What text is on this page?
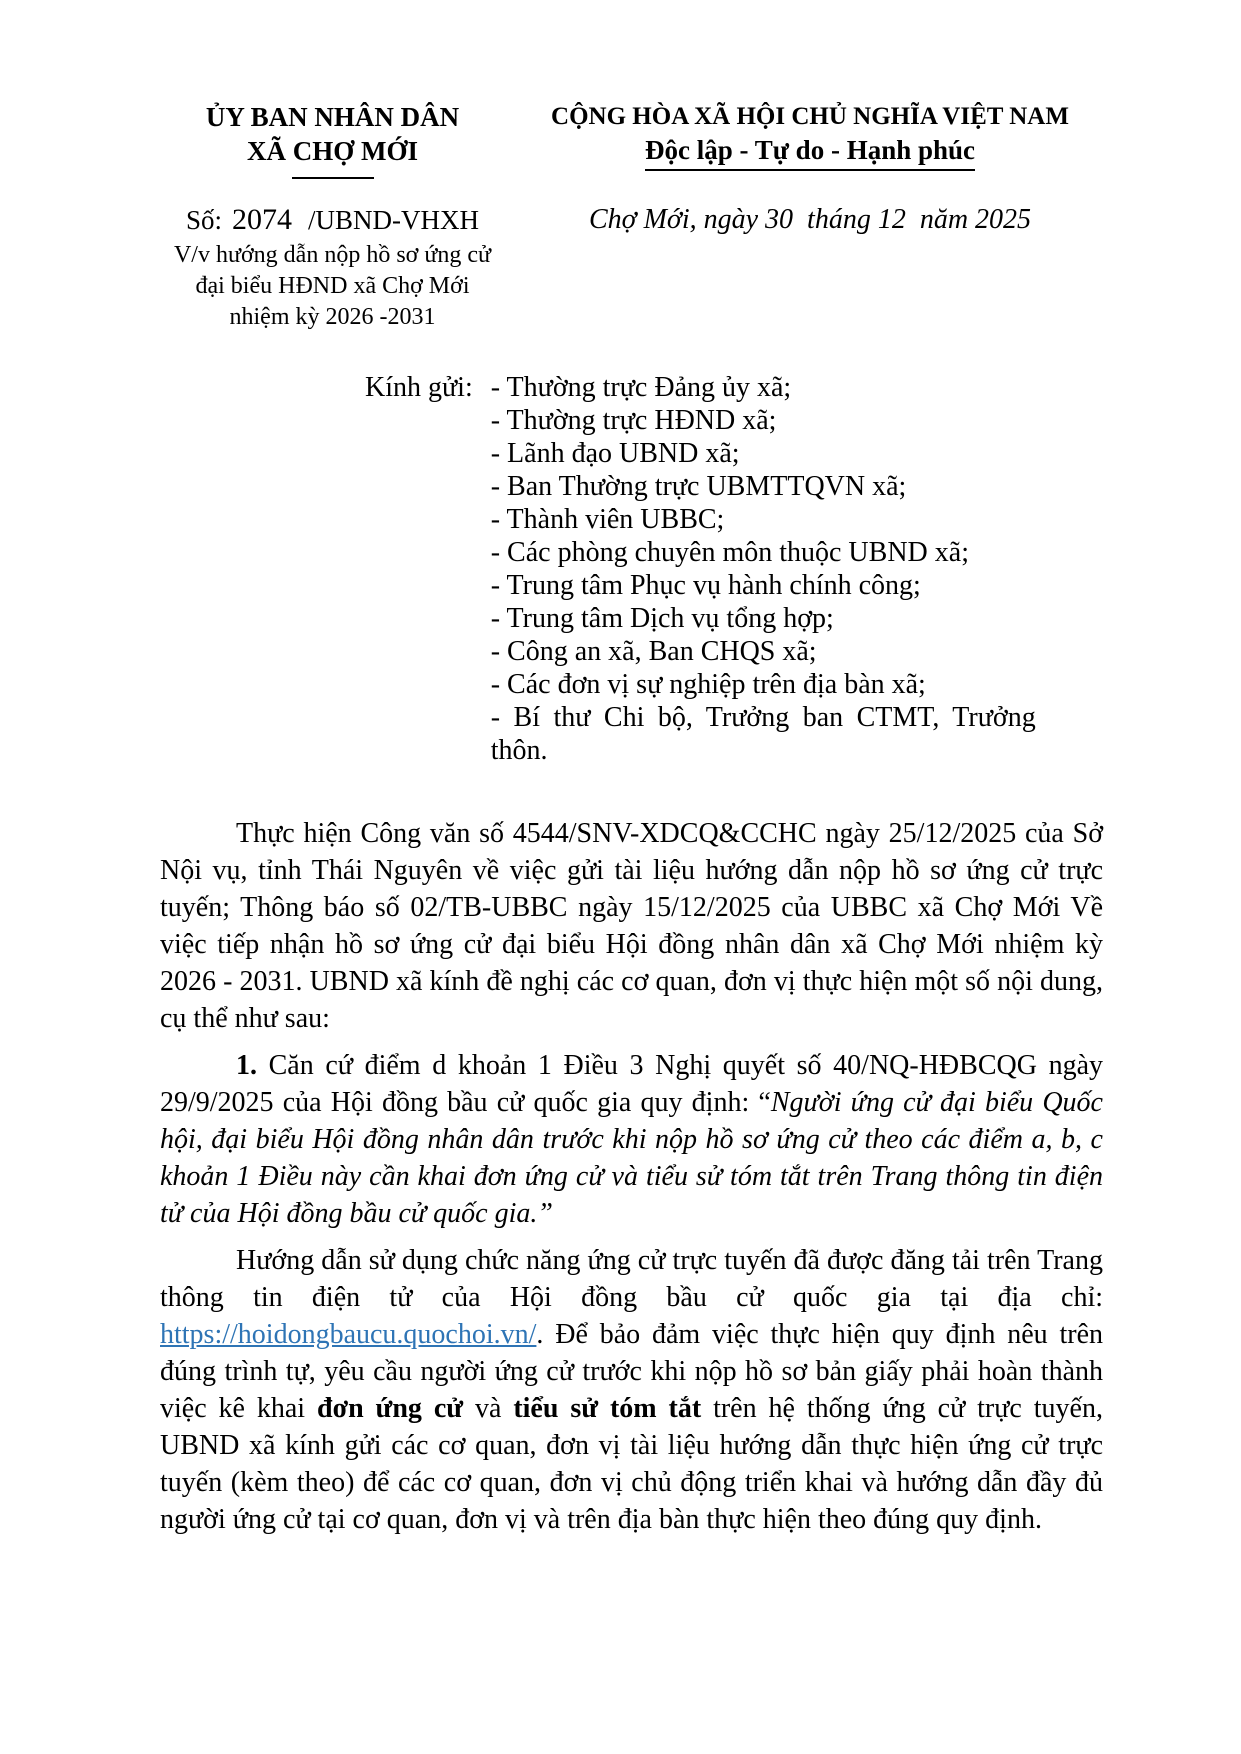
ỦY BAN NHÂN DÂN
XÃ CHỢ MỚI
Số: 2074 /UBND-VHXH
V/v hướng dẫn nộp hồ sơ ứng cử
đại biểu HĐND xã Chợ Mới
nhiệm kỳ 2026 -2031
CỘNG HÒA XÃ HỘI CHỦ NGHĨA VIỆT NAM
Độc lập - Tự do - Hạnh phúc
Chợ Mới, ngày 30  tháng 12  năm 2025
Kính gửi: - Thường trực Đảng ủy xã;
- Thường trực HĐND xã;
- Lãnh đạo UBND xã;
- Ban Thường trực UBMTTQVN xã;
- Thành viên UBBC;
- Các phòng chuyên môn thuộc UBND xã;
- Trung tâm Phục vụ hành chính công;
- Trung tâm Dịch vụ tổng hợp;
- Công an xã, Ban CHQS xã;
- Các đơn vị sự nghiệp trên địa bàn xã;
- Bí thư Chi bộ, Trưởng ban CTMT, Trưởng thôn.

Thực hiện Công văn số 4544/SNV-XDCQ&CCHC ngày 25/12/2025 của Sở Nội vụ, tỉnh Thái Nguyên về việc gửi tài liệu hướng dẫn nộp hồ sơ ứng cử trực tuyến; Thông báo số 02/TB-UBBC ngày 15/12/2025 của UBBC xã Chợ Mới Về việc tiếp nhận hồ sơ ứng cử đại biểu Hội đồng nhân dân xã Chợ Mới nhiệm kỳ 2026 - 2031. UBND xã kính đề nghị các cơ quan, đơn vị thực hiện một số nội dung, cụ thể như sau:

1. Căn cứ điểm d khoản 1 Điều 3 Nghị quyết số 40/NQ-HĐBCQG ngày 29/9/2025 của Hội đồng bầu cử quốc gia quy định: “Người ứng cử đại biểu Quốc hội, đại biểu Hội đồng nhân dân trước khi nộp hồ sơ ứng cử theo các điểm a, b, c khoản 1 Điều này cần khai đơn ứng cử và tiểu sử tóm tắt trên Trang thông tin điện tử của Hội đồng bầu cử quốc gia.”

Hướng dẫn sử dụng chức năng ứng cử trực tuyến đã được đăng tải trên Trang thông tin điện tử của Hội đồng bầu cử quốc gia tại địa chỉ: https://hoidongbaucu.quochoi.vn/. Để bảo đảm việc thực hiện quy định nêu trên đúng trình tự, yêu cầu người ứng cử trước khi nộp hồ sơ bản giấy phải hoàn thành việc kê khai đơn ứng cử và tiểu sử tóm tắt trên hệ thống ứng cử trực tuyến, UBND xã kính gửi các cơ quan, đơn vị tài liệu hướng dẫn thực hiện ứng cử trực tuyến (kèm theo) để các cơ quan, đơn vị chủ động triển khai và hướng dẫn đầy đủ người ứng cử tại cơ quan, đơn vị và trên địa bàn thực hiện theo đúng quy định.
